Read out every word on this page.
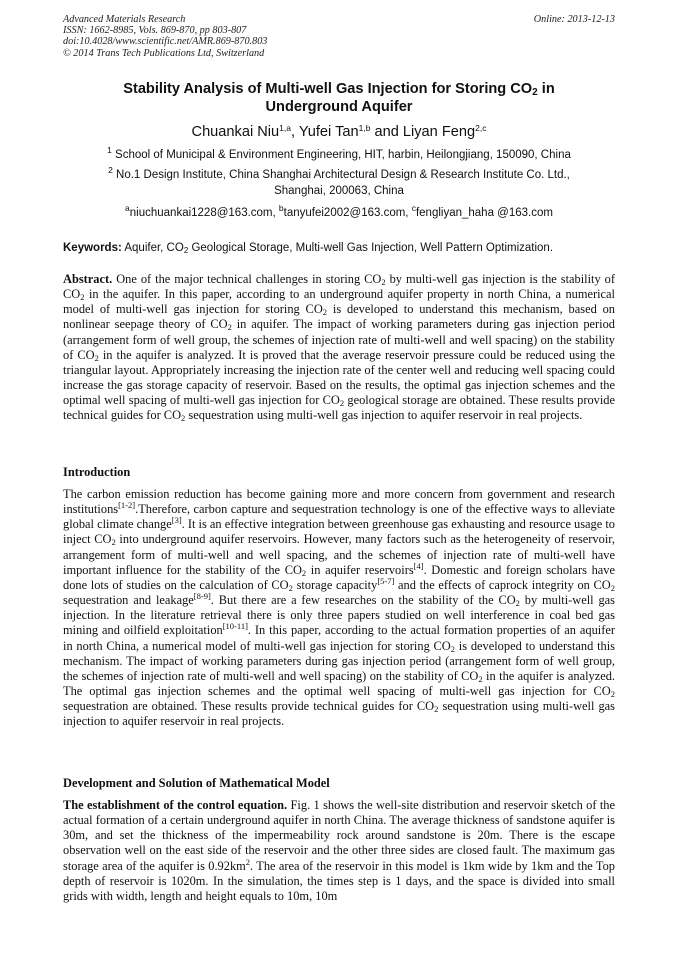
Advanced Materials Research
ISSN: 1662-8985, Vols. 869-870, pp 803-807
doi:10.4028/www.scientific.net/AMR.869-870.803
© 2014 Trans Tech Publications Ltd, Switzerland
Online: 2013-12-13
Stability Analysis of Multi-well Gas Injection for Storing $CO_2$ in
Underground Aquifer
Chuankai Niu$^{1,a}$, Yufei Tan$^{1,b}$ and Liyan Feng$^{2,c}$
$^1$ School of Municipal & Environment Engineering, HIT, harbin, Heilongjiang, 150090, China
$^2$ No.1 Design Institute, China Shanghai Architectural Design & Research Institute Co. Ltd.,
Shanghai, 200063, China
$^a$niuchuankai1228@163.com, $^b$tanyufei2002@163.com, $^c$fengliyan_haha @163.com
Keywords: Aquifer, $CO_2$ Geological Storage, Multi-well Gas Injection, Well Pattern Optimization.
Abstract. One of the major technical challenges in storing $CO_2$ by multi-well gas injection is the stability of $CO_2$ in the aquifer. In this paper, according to an underground aquifer property in north China, a numerical model of multi-well gas injection for storing $CO_2$ is developed to understand this mechanism, based on nonlinear seepage theory of $CO_2$ in aquifer. The impact of working parameters during gas injection period (arrangement form of well group, the schemes of injection rate of multi-well and well spacing) on the stability of $CO_2$ in the aquifer is analyzed. It is proved that the average reservoir pressure could be reduced using the triangular layout. Appropriately increasing the injection rate of the center well and reducing well spacing could increase the gas storage capacity of reservoir. Based on the results, the optimal gas injection schemes and the optimal well spacing of multi-well gas injection for $CO_2$ geological storage are obtained. These results provide technical guides for $CO_2$ sequestration using multi-well gas injection to aquifer reservoir in real projects.
Introduction
The carbon emission reduction has become gaining more and more concern from government and research institutions[1-2].Therefore, carbon capture and sequestration technology is one of the effective ways to alleviate global climate change[3]. It is an effective integration between greenhouse gas exhausting and resource usage to inject $CO_2$ into underground aquifer reservoirs. However, many factors such as the heterogeneity of reservoir, arrangement form of multi-well and well spacing, and the schemes of injection rate of multi-well have important influence for the stability of the $CO_2$ in aquifer reservoirs[4]. Domestic and foreign scholars have done lots of studies on the calculation of $CO_2$ storage capacity[5-7] and the effects of caprock integrity on $CO_2$ sequestration and leakage[8-9]. But there are a few researches on the stability of the $CO_2$ by multi-well gas injection. In the literature retrieval there is only three papers studied on well interference in coal bed gas mining and oilfield exploitation[10-11]. In this paper, according to the actual formation properties of an aquifer in north China, a numerical model of multi-well gas injection for storing $CO_2$ is developed to understand this mechanism. The impact of working parameters during gas injection period (arrangement form of well group, the schemes of injection rate of multi-well and well spacing) on the stability of $CO_2$ in the aquifer is analyzed. The optimal gas injection schemes and the optimal well spacing of multi-well gas injection for $CO_2$ sequestration are obtained. These results provide technical guides for $CO_2$ sequestration using multi-well gas injection to aquifer reservoir in real projects.
Development and Solution of Mathematical Model
The establishment of the control equation. Fig. 1 shows the well-site distribution and reservoir sketch of the actual formation of a certain underground aquifer in north China. The average thickness of sandstone aquifer is 30m, and set the thickness of the impermeability rock around sandstone is 20m. There is the escape observation well on the east side of the reservoir and the other three sides are closed fault. The maximum gas storage area of the aquifer is $0.92km^2$. The area of the reservoir in this model is 1km wide by 1km and the Top depth of reservoir is 1020m. In the simulation, the times step is 1 days, and the space is divided into small grids with width, length and height equals to 10m, 10m
